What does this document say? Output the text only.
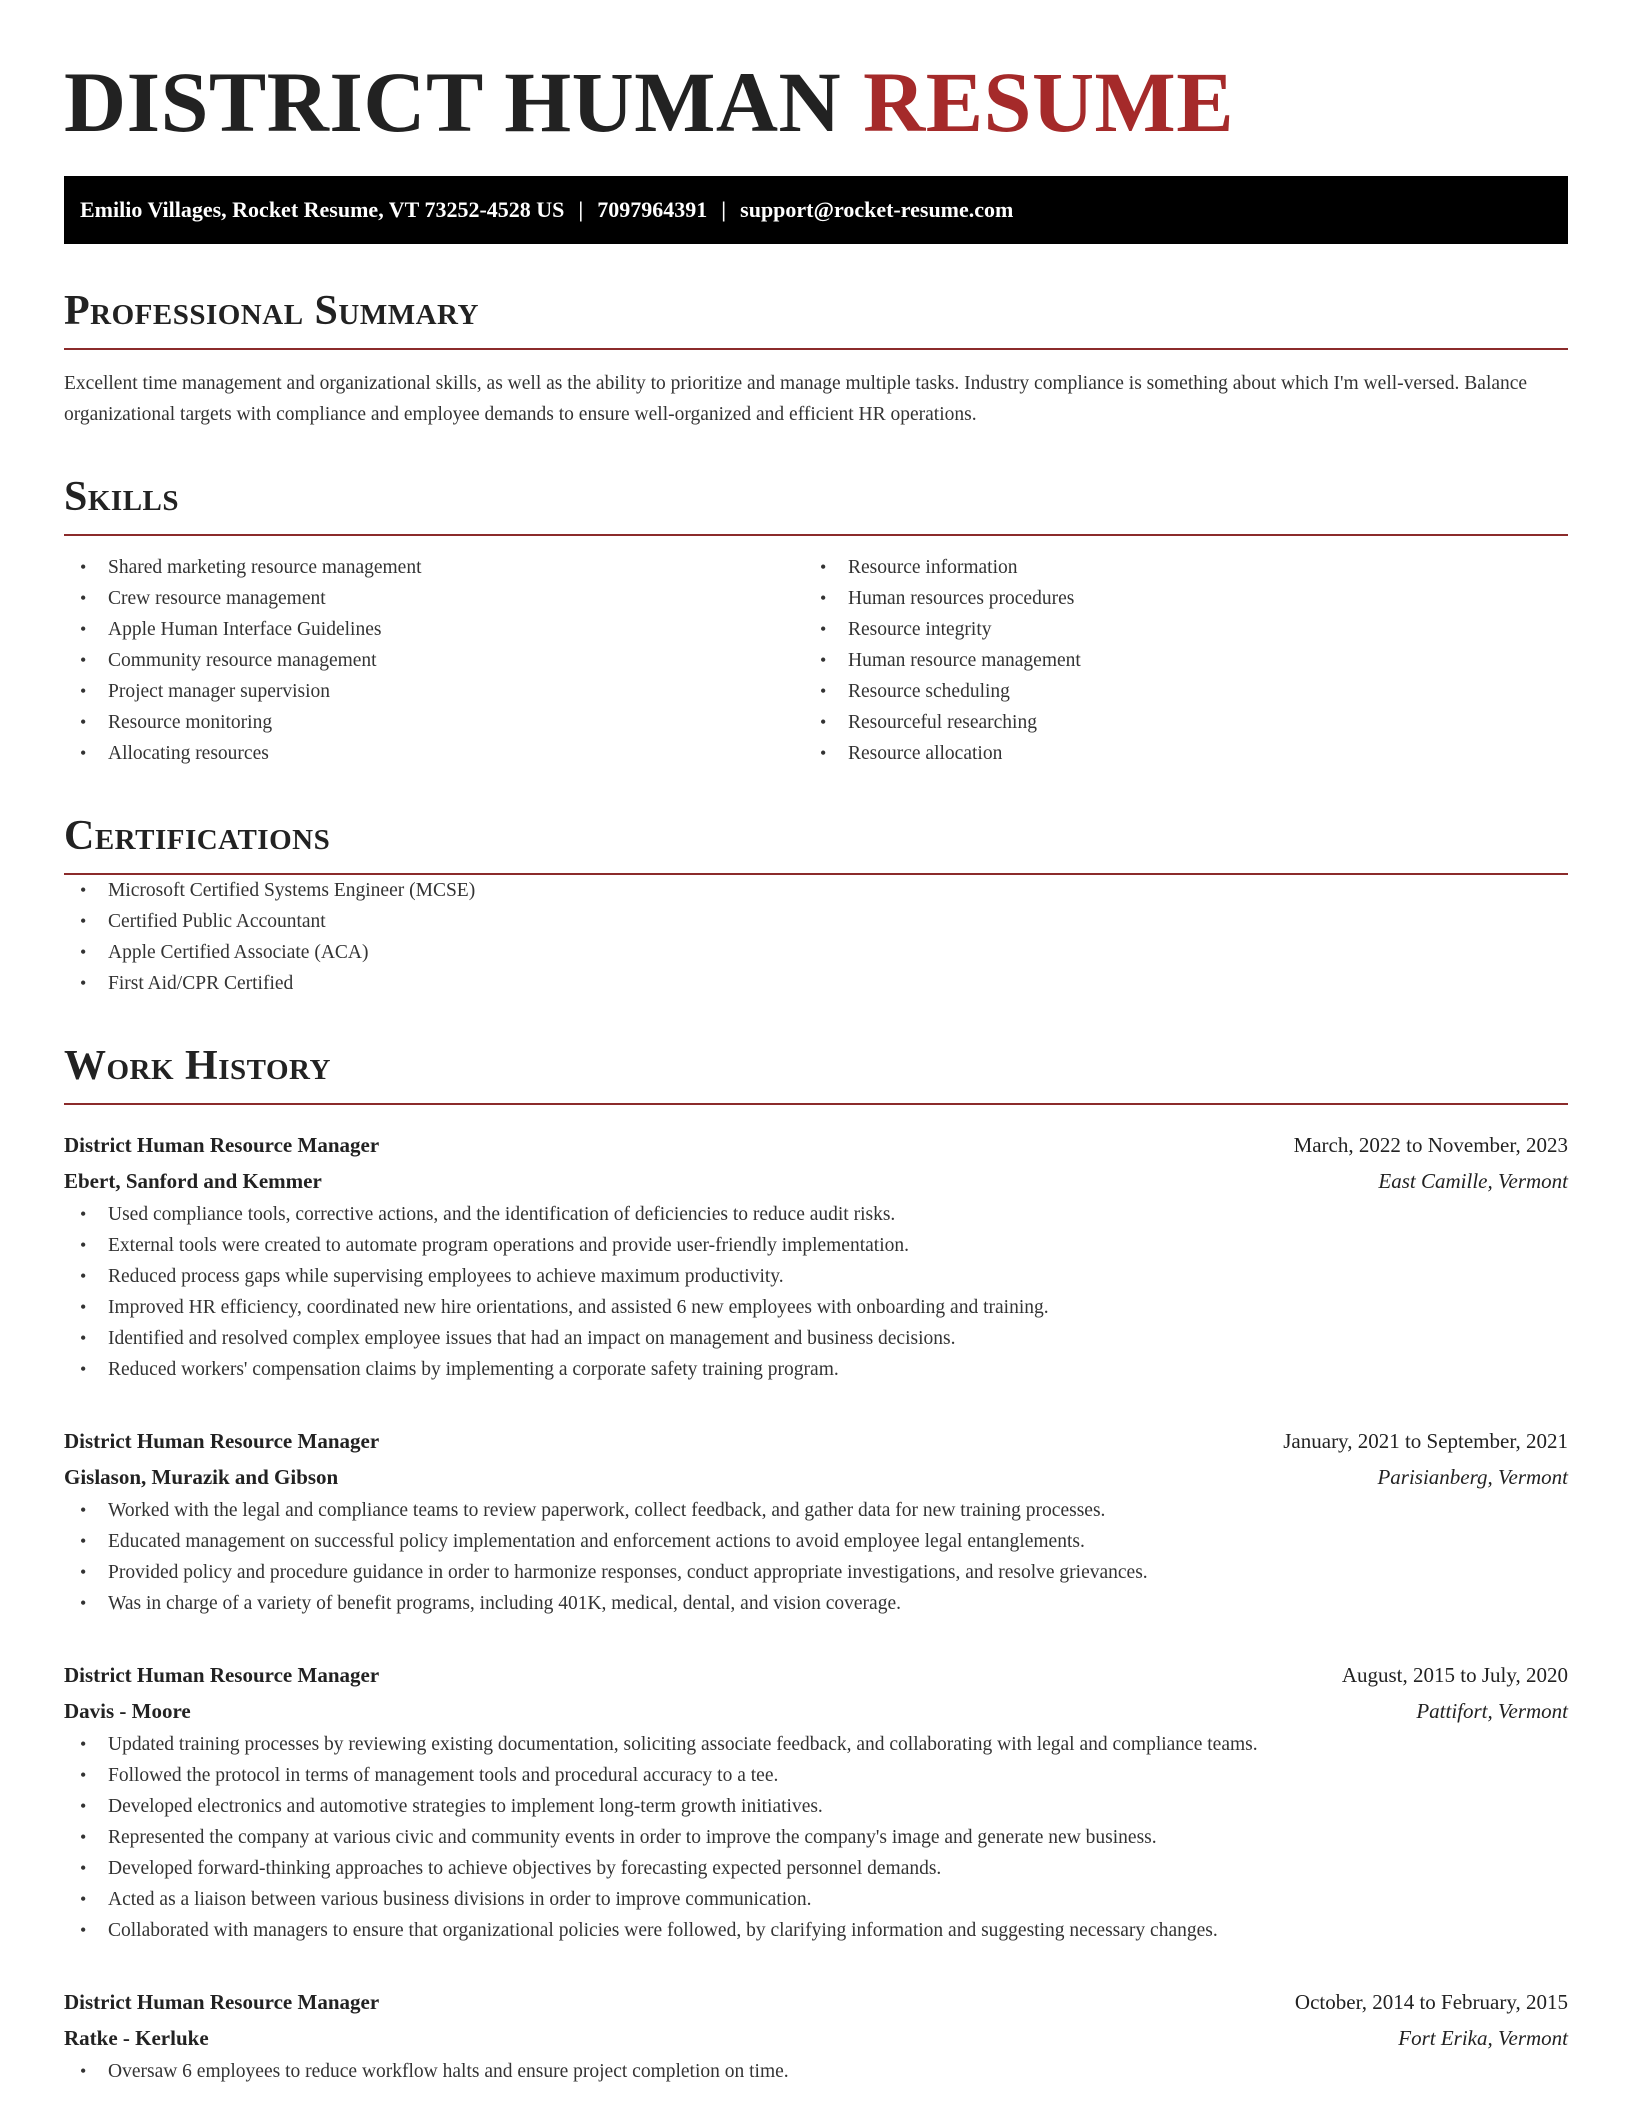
DISTRICT HUMAN RESUME
Emilio Villages, Rocket Resume, VT 73252-4528 US | 7097964391 | support@rocket-resume.com
Professional Summary

Excellent time management and organizational skills, as well as the ability to prioritize and manage multiple tasks. Industry compliance is something about which I'm well-versed. Balance organizational targets with compliance and employee demands to ensure well-organized and efficient HR operations.

Skills
• Shared marketing resource management
• Crew resource management
• Apple Human Interface Guidelines
• Community resource management
• Project manager supervision
• Resource monitoring
• Allocating resources
• Resource information
• Human resources procedures
• Resource integrity
• Human resource management
• Resource scheduling
• Resourceful researching
• Resource allocation
Certifications
• Microsoft Certified Systems Engineer (MCSE)
• Certified Public Accountant
• Apple Certified Associate (ACA)
• First Aid/CPR Certified
Work History
District Human Resource Manager	March, 2022 to November, 2023
Ebert, Sanford and Kemmer	East Camille, Vermont
• Used compliance tools, corrective actions, and the identification of deficiencies to reduce audit risks.
• External tools were created to automate program operations and provide user-friendly implementation.
• Reduced process gaps while supervising employees to achieve maximum productivity.
• Improved HR efficiency, coordinated new hire orientations, and assisted 6 new employees with onboarding and training.
• Identified and resolved complex employee issues that had an impact on management and business decisions.
• Reduced workers' compensation claims by implementing a corporate safety training program.
District Human Resource Manager	January, 2021 to September, 2021
Gislason, Murazik and Gibson	Parisianberg, Vermont
• Worked with the legal and compliance teams to review paperwork, collect feedback, and gather data for new training processes.
• Educated management on successful policy implementation and enforcement actions to avoid employee legal entanglements.
• Provided policy and procedure guidance in order to harmonize responses, conduct appropriate investigations, and resolve grievances.
• Was in charge of a variety of benefit programs, including 401K, medical, dental, and vision coverage.
District Human Resource Manager	August, 2015 to July, 2020
Davis - Moore	Pattifort, Vermont
• Updated training processes by reviewing existing documentation, soliciting associate feedback, and collaborating with legal and compliance teams.
• Followed the protocol in terms of management tools and procedural accuracy to a tee.
• Developed electronics and automotive strategies to implement long-term growth initiatives.
• Represented the company at various civic and community events in order to improve the company's image and generate new business.
• Developed forward-thinking approaches to achieve objectives by forecasting expected personnel demands.
• Acted as a liaison between various business divisions in order to improve communication.
• Collaborated with managers to ensure that organizational policies were followed, by clarifying information and suggesting necessary changes.
District Human Resource Manager	October, 2014 to February, 2015
Ratke - Kerluke	Fort Erika, Vermont
• Oversaw 6 employees to reduce workflow halts and ensure project completion on time.
